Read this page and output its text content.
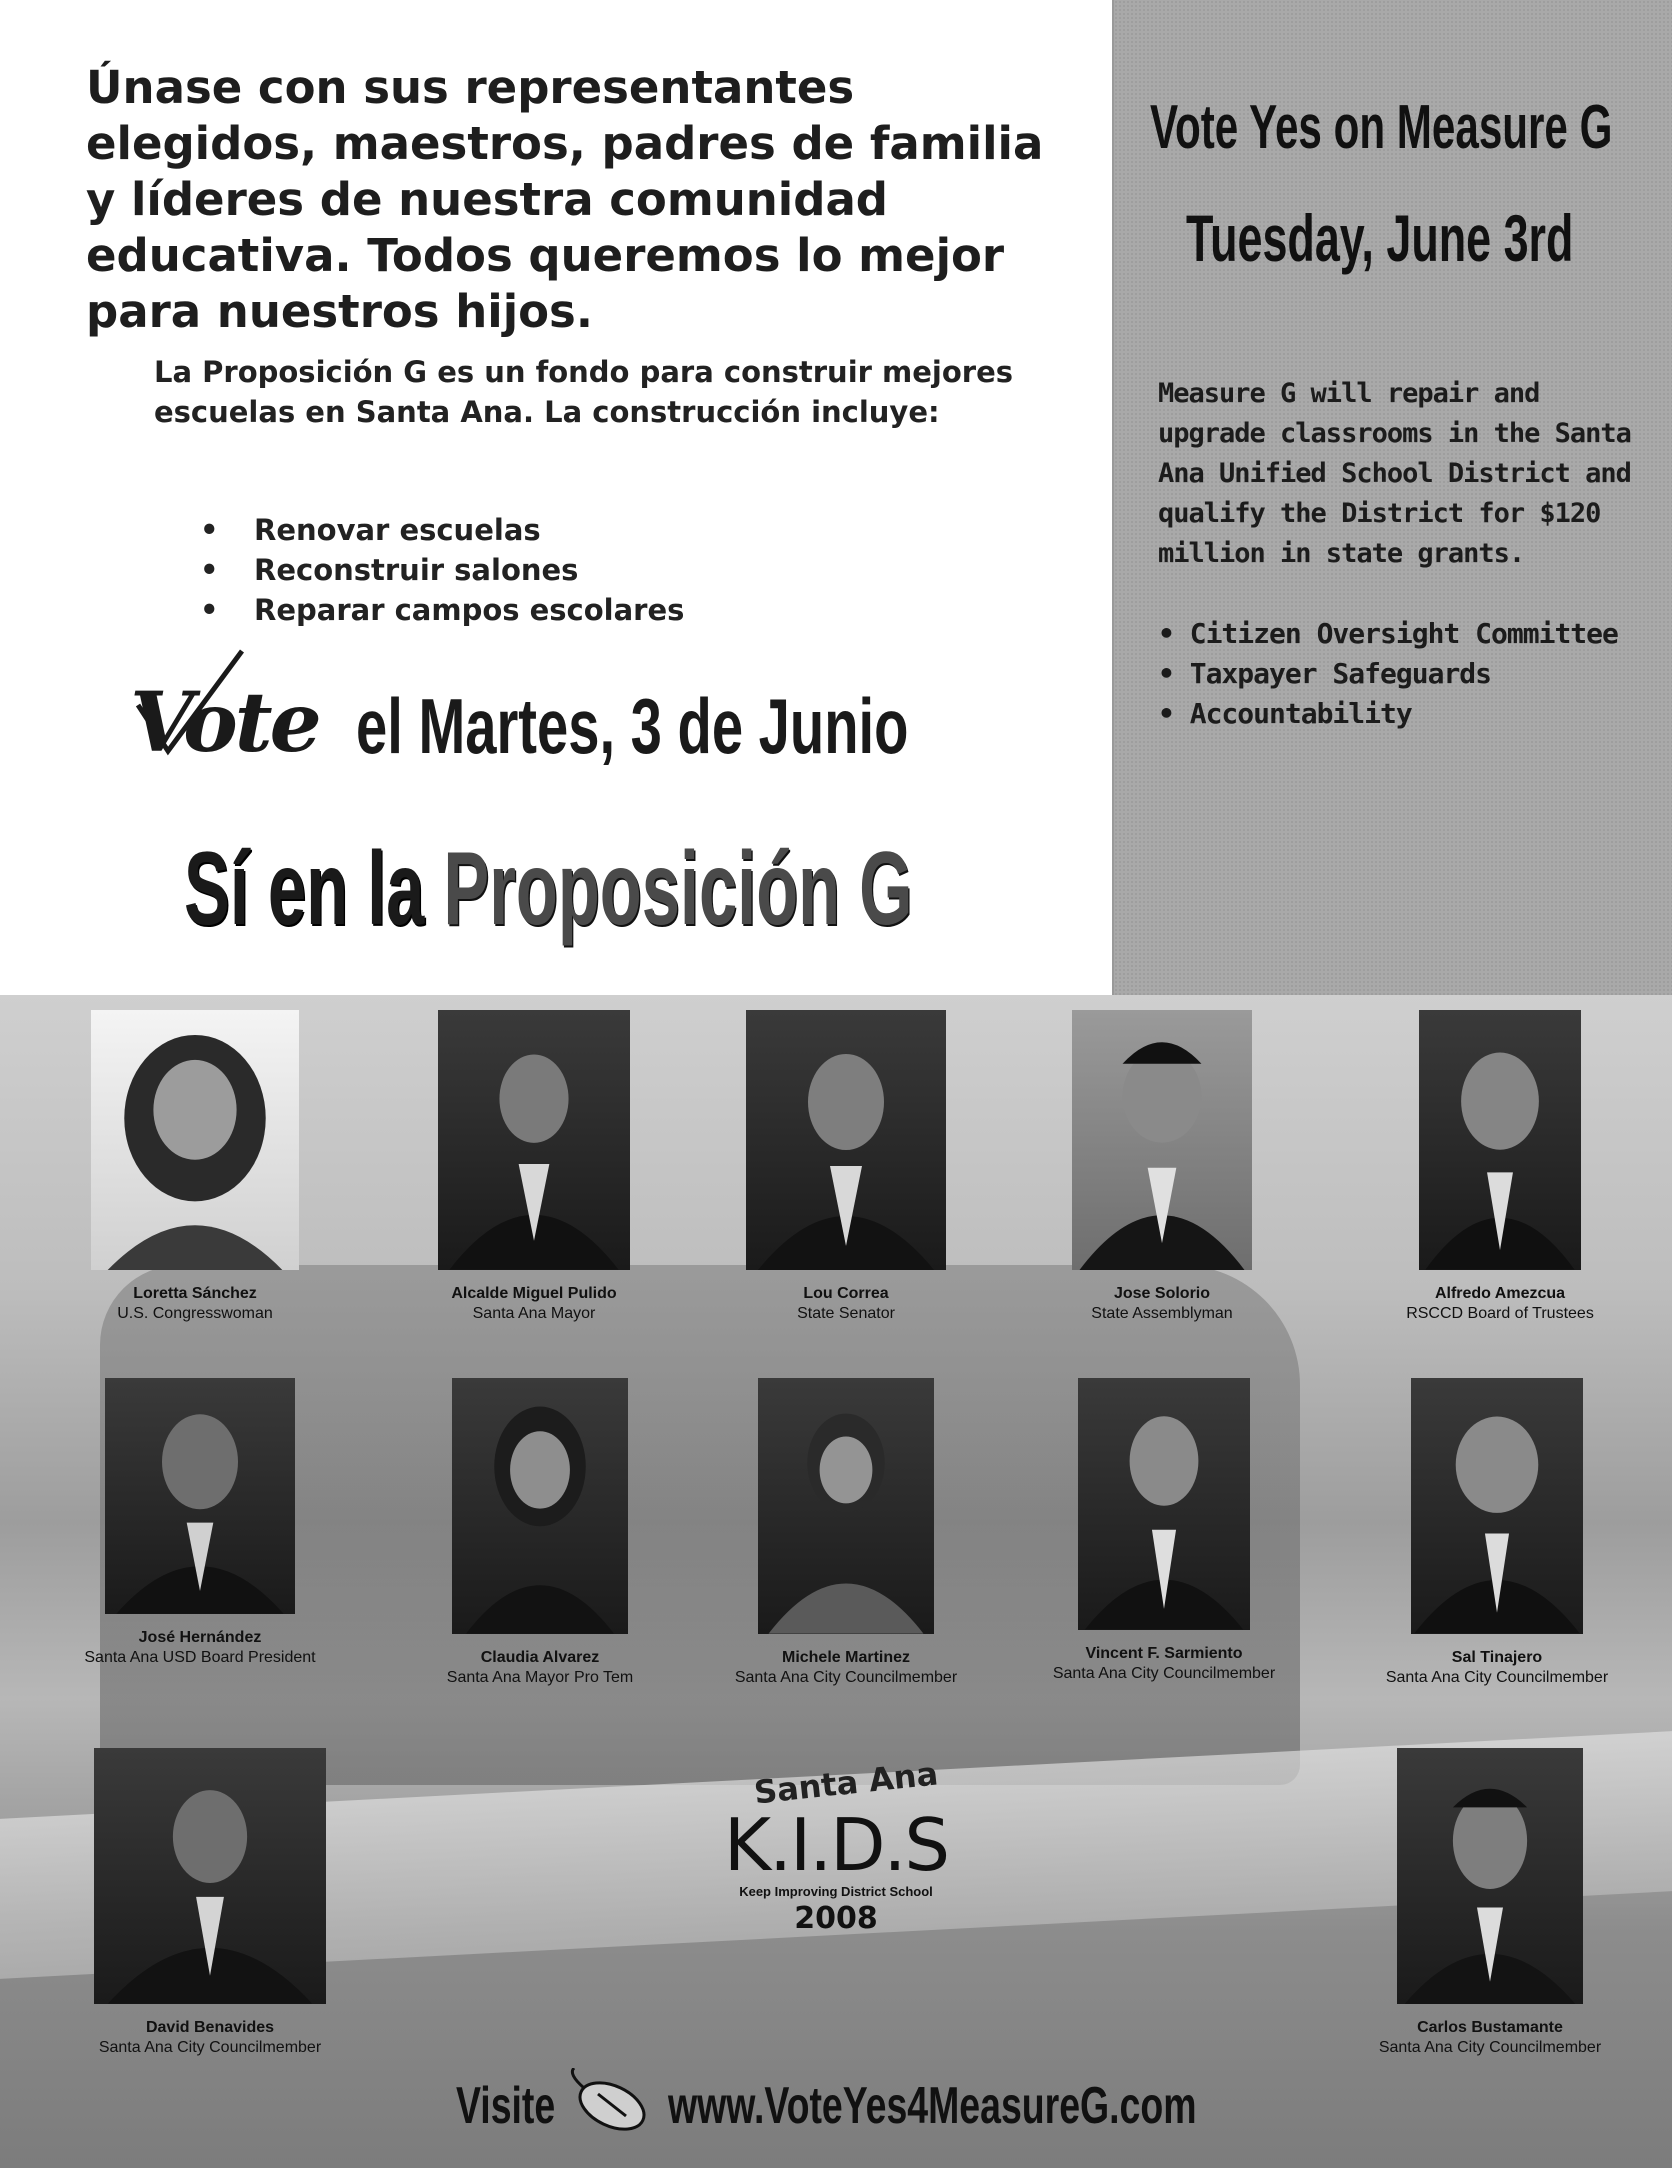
Únase con sus representantes elegidos, maestros, padres de familia y líderes de nuestra comunidad educativa. Todos queremos lo mejor para nuestros hijos.

La Proposición G es un fondo para construir mejores escuelas en Santa Ana. La construcción incluye:

• Renovar escuelas
• Reconstruir salones
• Reparar campos escolares
Vote el Martes, 3 de Junio
Sí en la Proposición G
Vote Yes on Measure G
Tuesday, June 3rd

Measure G will repair and upgrade classrooms in the Santa Ana Unified School District and qualify the District for $120 million in state grants.

• Citizen Oversight Committee
• Taxpayer Safeguards
• Accountability
Loretta Sánchez
U.S. Congresswoman
Alcalde Miguel Pulido
Santa Ana Mayor
Lou Correa
State Senator
Jose Solorio
State Assemblyman
Alfredo Amezcua
RSCCD Board of Trustees
José Hernández
Santa Ana USD Board President	Claudia Alvarez
Santa Ana Mayor Pro Tem
Michele Martinez
Santa Ana City Councilmember
Vincent F. Sarmiento
Santa Ana City Councilmember
Sal Tinajero
Santa Ana City Councilmember
David Benavides
Santa Ana City Councilmember
Carlos Bustamante
Santa Ana City Councilmember
Santa Ana
K.I.D.S
Keep Improving District School
2008
Visite www.VoteYes4MeasureG.com
